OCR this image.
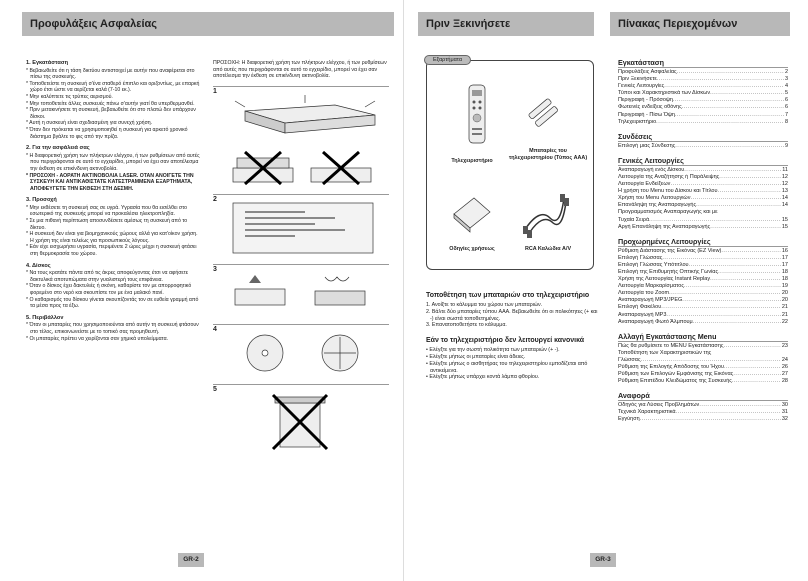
Προφυλάξεις Ασφαλείας
1. Εγκατάσταση
* Βεβαιωθείτε ότι η τάση δικτύου αντιστοιχεί με αυτήν που αναφέρεται στο πίσω της συσκευής.
* Τοποθετείστε τη συσκευή σ'ένα σταθερό έπιπλο και οριζοντίως, με επαρκή χώρο έτσι ώστε να αερίζεται καλά (7-10 εκ.).
* Μην καλύπτετε τις τρύπες αερισμού.
* Μην τοποθετείτε άλλες συσκευές πάνω σ'αυτήν γιατί θα υπερθερμανθεί.
* Πριν μετακινήσετε τη συσκευή, βεβαιωθείτε ότι στο πλατώ δεν υπάρχουν δίσκοι.
* Αυτή η συσκευή είναι σχεδιασμένη για συνεχή χρήση.
* Όταν δεν πρόκειται να χρησιμοποιηθεί η συσκευή για αρκετό χρονικό διάστημα βγάλτε το φις από την πρίζα.
2. Για την ασφάλειά σας
* Η διαφορετική χρήση των πλήκτρων ελέγχου, ή των ρυθμίσεων από αυτές που περιγράφονται σε αυτό το εγχειρίδιο, μπορεί να έχει σαν αποτέλεσμα την έκθεση σε επικίνδυνη ακτινοβολία.
* ΠΡΟΣΟΧΗ - ΑΟΡΑΤΗ ΑΚΤΙΝΟΒΟΛΙΑ LASER. ΟΤΑΝ ΑΝΟΙΓΕΤΕ ΤΗΝ ΣΥΣΚΕΥΗ ΚΑΙ ΑΝΤΙΚΑΘΙΣΤΑΤΕ ΚΑΤΕΣΤΡΑΜΜΕΝΑ ΕΞΑΡΤΗΜΑΤΑ, ΑΠΟΦΕΥΓΕΤΕ ΤΗΝ ΕΚΘΕΣΗ ΣΤΗ ΔΕΣΜΗ.
3. Προσοχή
* Μην εκθέσετε τη συσκευή σας σε υγρά. Υγρασία που θα εισέλθει στο εσωτερικό της συσκευής μπορεί να προκαλέσει ηλεκτροπληξία.
* Σε μια πιθανή περίπτωση αποσυνδέσετε αμέσως τη συσκευή από το δίκτυο.
* Η συσκευή δεν είναι για βιομηχανικούς χώρους αλλά για κατ'οίκον χρήση. Η χρήση της είναι τελείως για προσωπικούς λόγους.
* Εάν είχε εισχωρήσει υγρασία, περιμένετε 2 ώρες μέχρι η συσκευή φτάσει στη θερμοκρασία του χώρου.
4. Δίσκος
* Να τους κρατάτε πάντα από τις άκρες αποφεύγοντας έτσι να αφήσετε δακτυλικά αποτυπώματα στην γυαλιστερή τους επιφάνεια.
* Όταν ο δίσκος έχει δακτυλιές ή σκόνη, καθαρίστε τον με απορροφητικό φορεμένο στο νερό και σκουπίστε τον με ένα μαλακό πανί.
* Ο καθαρισμός του δίσκου γίνεται σκουπίζοντάς τον σε ευθεία γραμμή από τα μέσα προς τα έξω.
5. Περιβάλλον
* Όταν οι μπαταρίες που χρησιμοποιούνται από αυτήν τη συσκευή φτάσουν στο τέλος, επικοινωνείστε με το τοπικό σας προμηθευτή.
* Οι μπαταρίες πρέπει να χειρίζονται σαν χημικά υπολείμματα.
ΠΡΟΣΟΧΗ: Η διαφορετική χρήση των πλήκτρων ελέγχου, ή των ρυθμίσεων από αυτές που περιγράφονται σε αυτό το εγχειρίδιο, μπορεί να έχει σαν αποτέλεσμα την έκθεση σε επικίνδυνη ακτινοβολία.
1
2
3
4
5
GR-2
Πριν Ξεκινήσετε	Πίνακας Περιεχομένων
Εξαρτήματα
Τηλεχειριστήριο
Μπαταρίες του τηλεχειριστηρίου (Τύπος AAA)
Οδηγίες χρήσεως	RCA Καλώδια A/V
Τοποθέτηση των μπαταριών στο τηλεχειριστήριο
1. Ανοίξτε το κάλυμμα του χώρου των μπαταριών.
2. Βάλτε δύο μπαταρίες τύπου AAA. Βεβαιωθείτε ότι οι πολικότητες (+ και -) είναι σωστά τοποθετημένες.
3. Επανατοποθετήστε το κάλυμμα.
Εάν το τηλεχειριστήριο δεν λειτουργεί κανονικά
• Ελέγξτε για την σωστή πολικότητα των μπαταριών (+ -).
• Ελέγξτε μήπως οι μπαταρίες είναι άδειες.
• Ελέγξτε μήπως ο αισθητήρας του τηλεχειριστηρίου εμποδίζεται από αντικείμενα.
• Ελέγξτε μήπως υπάρχει κοντά λάμπα φθορίου.
Εγκατάσταση
Προφυλάξεις Ασφαλείας .....	2
Πριν Ξεκινήσετε .....	3
Γενικές Λειτουργίες .....	4
Τύποι και Χαρακτηριστικά των Δίσκων .....	5
Περιγραφή - Πρόσοψη .....	6
Φωτεινές ενδείξεις οθόνης .....	6
Περιγραφή - Πίσω Όψη .....	7
Τηλεχειριστήριο .....	8
Συνδέσεις
Επιλογή μιας Σύνδεσης .....	9
Γενικές Λειτουργίες
Αναπαραγωγή ενός Δίσκου .....	11
Λειτουργία της Αναζήτησης ή Παράλειψης .....	12
Λειτουργία Ενδείξεων .....	12
Η χρήση του Menu του Δίσκου και Τίτλου .....	13
Χρήση του Menu Λειτουργιών .....	14
Επανάληψη της Αναπαραγωγής .....	14
Προγραμματισμός Αναπαραγωγής και με
Τυχαία Σειρά .....	15
Αργή Επανάληψη της Αναπαραγωγής .....	15
Προχωρημένες Λειτουργίες
Ρύθμιση Διάστασης της Εικόνας (EZ View) .....	16
Επιλογή Γλώσσας .....	17
Επιλογή Γλώσσας Υπότιτλου .....	17
Επιλογή της Επιθυμητής Οπτικής Γωνίας .....	18
Χρήση της Λειτουργίας Instant Replay .....	18
Λειτουργία Μαρκαρίσματος .....	19
Λειτουργία του Zoom .....	20
Αναπαραγωγή MP3/JPEG .....	20
Επιλογή Φακέλου .....	21
Αναπαραγωγή MP3 .....	21
Αναπαραγωγή Φωτό Άλμπουμ .....	22
Αλλαγή Εγκατάστασης Menu
Πώς θα ρυθμίσετε το MENU Εγκατάστασης .....	23
Τοποθέτηση των Χαρακτηριστικών της
Γλώσσας .....	24
Ρύθμιση της Επιλογής Απόδοσης του Ήχου .....	26
Ρύθμιση των Επιλογών Εμφάνισης της Εικόνας .....	27
Ρύθμιση Επιπέδου Κλειδώματος της Συσκευής .....	28
Αναφορά
Οδηγός για Λύσεις Προβλημάτων .....	30
Τεχνικά Χαρακτηριστικά .....	31
Εγγύηση .....	32
GR-3
